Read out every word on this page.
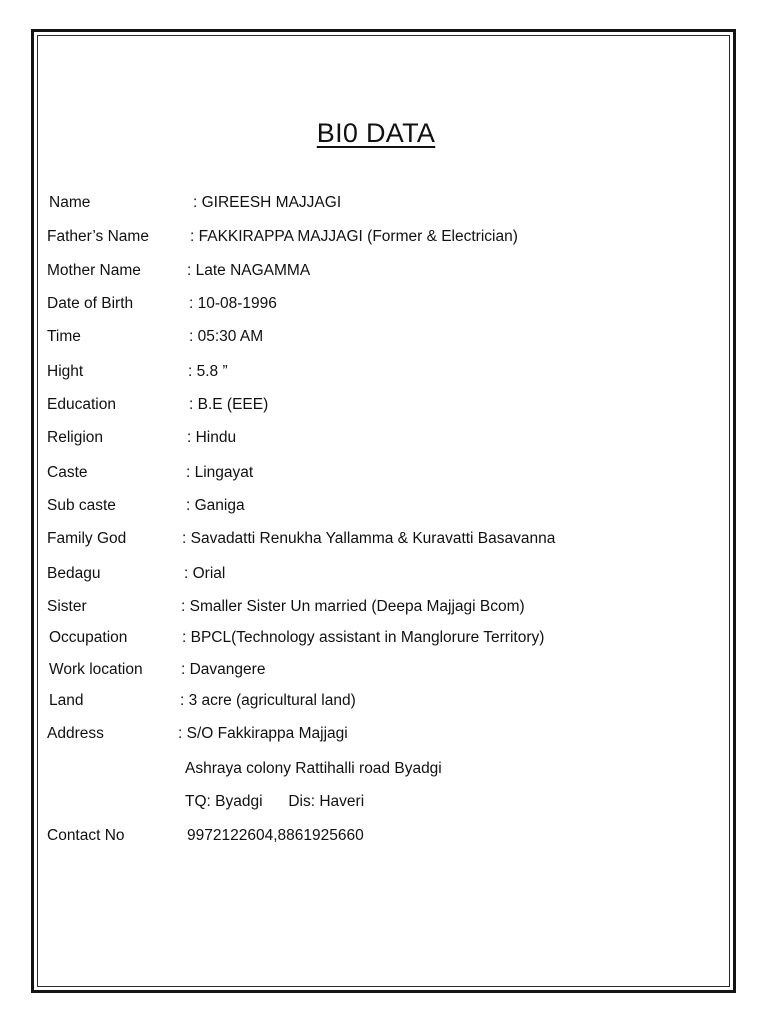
BI0 DATA
Name	: GIREESH MAJJAGI
Father’s Name	: FAKKIRAPPA MAJJAGI (Former & Electrician)
Mother Name	: Late NAGAMMA
Date of Birth	: 10-08-1996
Time	: 05:30 AM
Hight	: 5.8 ”
Education	: B.E (EEE)
Religion	: Hindu
Caste	: Lingayat
Sub caste	: Ganiga
Family God	: Savadatti Renukha Yallamma & Kuravatti Basavanna
Bedagu	: Orial
Sister	: Smaller Sister Un married (Deepa Majjagi Bcom)
Occupation	: BPCL(Technology assistant in Manglorure Territory)
Work location : Davangere
Land	: 3 acre (agricultural land)
Address	: S/O Fakkirappa Majjagi
Ashraya colony Rattihalli road Byadgi
TQ: Byadgi      Dis: Haveri
Contact No	9972122604,8861925660
